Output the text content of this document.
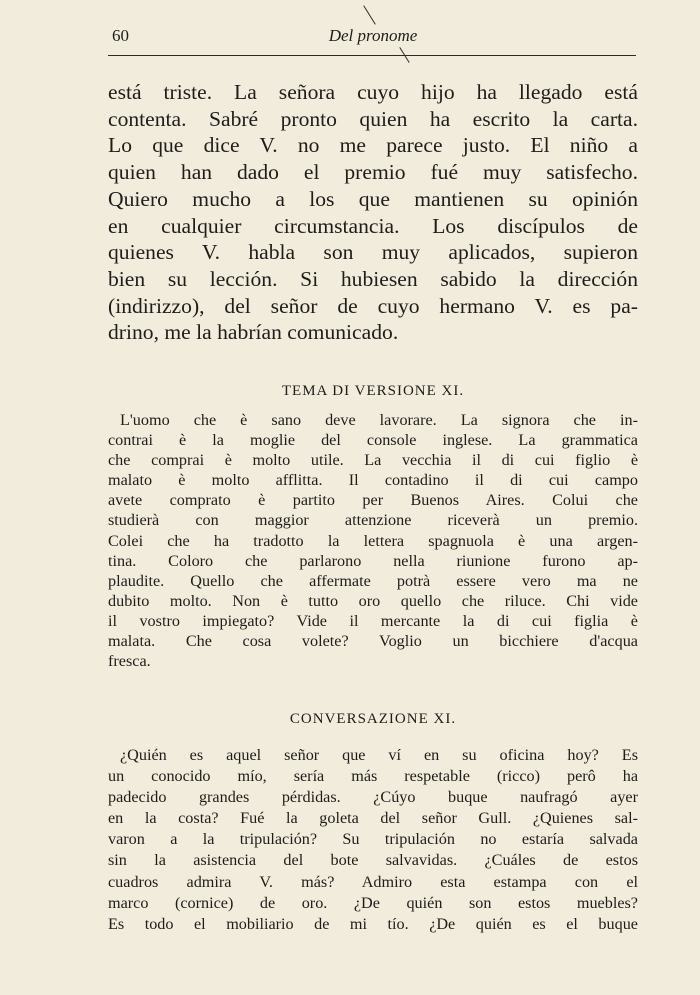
60	Del pronome
está triste. La señora cuyo hijo ha llegado está
contenta. Sabré pronto quien ha escrito la carta.
Lo que dice V. no me parece justo. El niño a
quien han dado el premio fué muy satisfecho.
Quiero mucho a los que mantienen su opinión
en cualquier circumstancia. Los discípulos de
quienes V. habla son muy aplicados, supieron
bien su lección. Si hubiesen sabido la dirección
(indirizzo), del señor de cuyo hermano V. es pa-
drino, me la habrían comunicado.
TEMA DI VERSIONE XI.
L'uomo che è sano deve lavorare. La signora che in-
contrai è la moglie del console inglese. La grammatica
che comprai è molto utile. La vecchia il di cui figlio è
malato è molto afflitta. Il contadino il di cui campo
avete comprato è partito per Buenos Aires. Colui che
studierà con maggior attenzione riceverà un premio.
Colei che ha tradotto la lettera spagnuola è una argen-
tina. Coloro che parlarono nella riunione furono ap-
plaudite. Quello che affermate potrà essere vero ma ne
dubito molto. Non è tutto oro quello che riluce. Chi vide
il vostro impiegato? Vide il mercante la di cui figlia è
malata. Che cosa volete? Voglio un bicchiere d'acqua
fresca.
CONVERSAZIONE XI.
¿Quién es aquel señor que ví en su oficina hoy? Es
un conocido mío, sería más respetable (ricco) perô ha
padecido grandes pérdidas. ¿Cúyo buque naufragó ayer
en la costa? Fué la goleta del señor Gull. ¿Quienes sal-
varon a la tripulación? Su tripulación no estaría salvada
sin la asistencia del bote salvavidas. ¿Cuáles de estos
cuadros admira V. más? Admiro esta estampa con el
marco (cornice) de oro. ¿De quién son estos muebles?
Es todo el mobiliario de mi tío. ¿De quién es el buque
